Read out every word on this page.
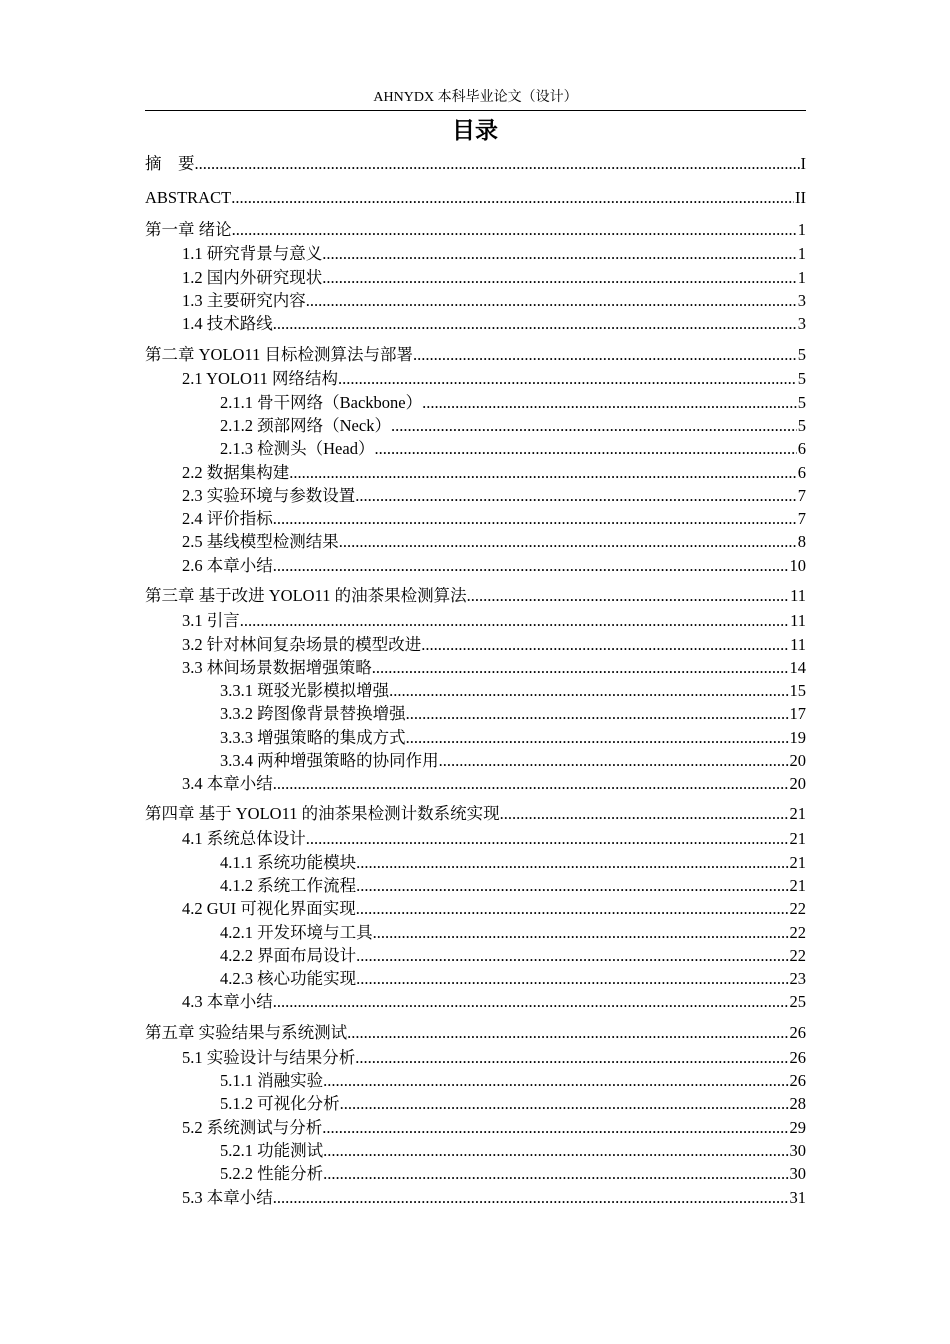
AHNYDX 本科毕业论文（设计）
目录
摘　要 .....	I
ABSTRACT .....	II
第一章 绪论 .....	1
1.1 研究背景与意义 .....	1
1.2 国内外研究现状 .....	1
1.3 主要研究内容 .....	3
1.4 技术路线 .....	3
第二章 YOLO11 目标检测算法与部署 .....	5
2.1 YOLO11 网络结构 .....	5
2.1.1 骨干网络（Backbone） .....	5
2.1.2 颈部网络（Neck） .....	5
2.1.3 检测头（Head） .....	6
2.2 数据集构建 .....	6
2.3 实验环境与参数设置 .....	7
2.4 评价指标 .....	7
2.5 基线模型检测结果 .....	8
2.6 本章小结 .....	10
第三章 基于改进 YOLO11 的油茶果检测算法 .....	11
3.1 引言 .....	11
3.2 针对林间复杂场景的模型改进 .....	11
3.3 林间场景数据增强策略 .....	14
3.3.1 斑驳光影模拟增强 .....	15
3.3.2 跨图像背景替换增强 .....	17
3.3.3 增强策略的集成方式 .....	19
3.3.4 两种增强策略的协同作用 .....	20
3.4 本章小结 .....	20
第四章 基于 YOLO11 的油茶果检测计数系统实现 .....	21
4.1 系统总体设计 .....	21
4.1.1 系统功能模块 .....	21
4.1.2 系统工作流程 .....	21
4.2 GUI 可视化界面实现 .....	22
4.2.1 开发环境与工具 .....	22
4.2.2 界面布局设计 .....	22
4.2.3 核心功能实现 .....	23
4.3 本章小结 .....	25
第五章 实验结果与系统测试 .....	26
5.1 实验设计与结果分析 .....	26
5.1.1 消融实验 .....	26
5.1.2 可视化分析 .....	28
5.2 系统测试与分析 .....	29
5.2.1 功能测试 .....	30
5.2.2 性能分析 .....	30
5.3 本章小结 .....	31
